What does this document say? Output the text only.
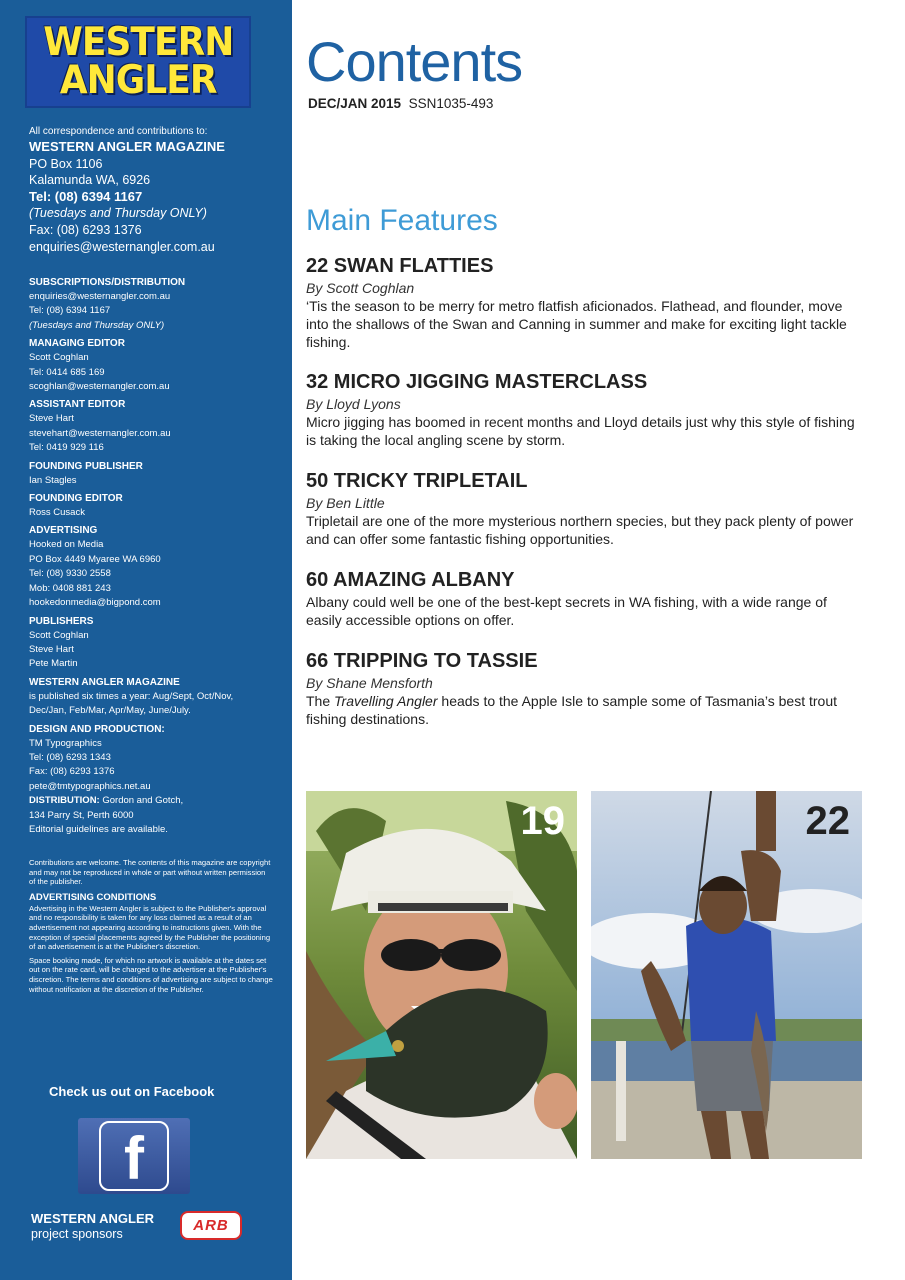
WESTERN
ANGLER
All correspondence and contributions to:
WESTERN ANGLER MAGAZINE
PO Box 1106
Kalamunda WA, 6926
Tel: (08) 6394 1167
(Tuesdays and Thursday ONLY)
Fax: (08) 6293 1376
enquiries@westernangler.com.au
SUBSCRIPTIONS/DISTRIBUTION
enquiries@westernangler.com.au
Tel: (08) 6394 1167
(Tuesdays and Thursday ONLY)
MANAGING EDITOR
Scott Coghlan
Tel: 0414 685 169
scoghlan@westernangler.com.au
ASSISTANT EDITOR
Steve Hart
stevehart@westernangler.com.au
Tel: 0419 929 116
FOUNDING PUBLISHER
Ian Stagles
FOUNDING EDITOR
Ross Cusack
ADVERTISING
Hooked on Media
PO Box 4449 Myaree WA 6960
Tel: (08) 9330 2558
Mob: 0408 881 243
hookedonmedia@bigpond.com
PUBLISHERS
Scott Coghlan
Steve Hart
Pete Martin
WESTERN ANGLER MAGAZINE
is published six times a year: Aug/Sept, Oct/Nov,
Dec/Jan, Feb/Mar, Apr/May, June/July.
DESIGN AND PRODUCTION:
TM Typographics
Tel: (08) 6293 1343
Fax: (08) 6293 1376
pete@tmtypographics.net.au
DISTRIBUTION: Gordon and Gotch,
134 Parry St, Perth 6000
Editorial guidelines are available.

Contributions are welcome. The contents of this magazine are copyright and may not be reproduced in whole or part without written permission of the publisher.

ADVERTISING CONDITIONS

Advertising in the Western Angler is subject to the Publisher's approval and no responsibility is taken for any loss claimed as a result of an advertisement not appearing according to instructions given. With the exception of special placements agreed by the Publisher the positioning of an advertisement is at the Publisher's discretion.

Space booking made, for which no artwork is available at the dates set out on the rate card, will be charged to the advertiser at the Publisher's discretion. The terms and conditions of advertising are subject to change without notification at the discretion of the Publisher.

Check us out on Facebook
f
WESTERN ANGLER
project sponsors	ARB
Contents
DEC/JAN 2015 SSN1035-493
Main Features
22 SWAN FLATTIES
By Scott Coghlan
‘Tis the season to be merry for metro flatfish aficionados. Flathead, and flounder, move into the shallows of the Swan and Canning in summer and make for exciting light tackle fishing.
32 MICRO JIGGING MASTERCLASS
By Lloyd Lyons
Micro jigging has boomed in recent months and Lloyd details just why this style of fishing is taking the local angling scene by storm.
50 TRICKY TRIPLETAIL
By Ben Little
Tripletail are one of the more mysterious northern species, but they pack plenty of power and can offer some fantastic fishing opportunities.
60 AMAZING ALBANY
Albany could well be one of the best-kept secrets in WA fishing, with a wide range of easily accessible options on offer.
66 TRIPPING TO TASSIE
By Shane Mensforth
The Travelling Angler heads to the Apple Isle to sample some of Tasmania’s best trout fishing destinations.
19	22
